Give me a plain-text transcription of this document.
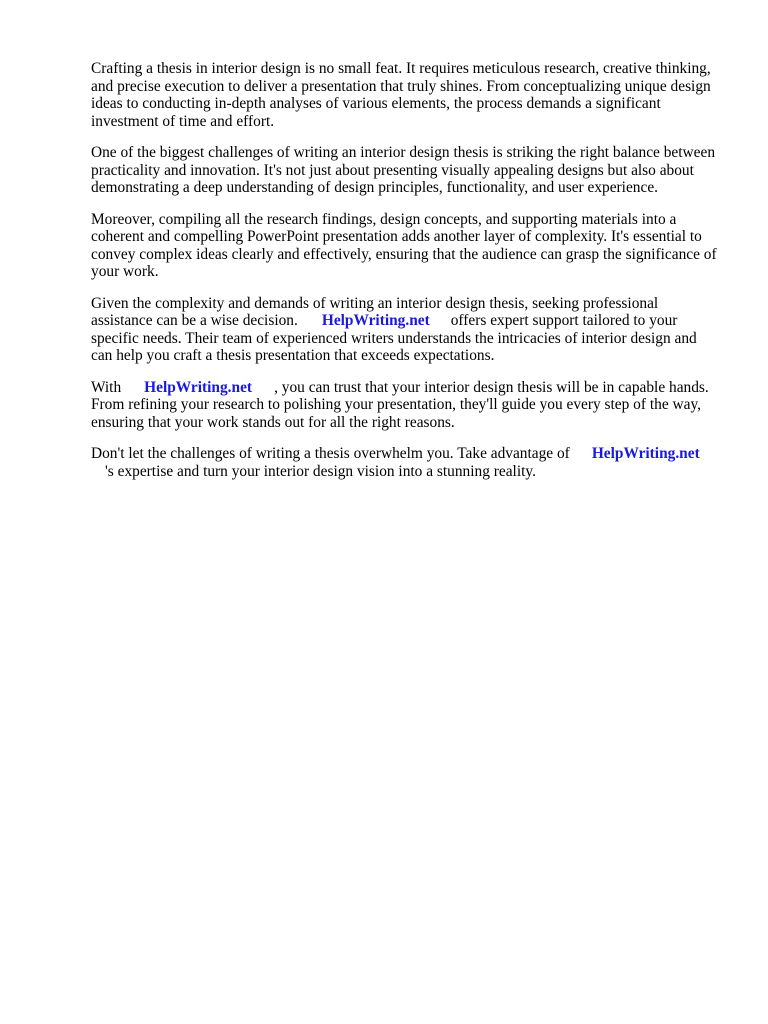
Crafting a thesis in interior design is no small feat. It requires meticulous research, creative thinking,
and precise execution to deliver a presentation that truly shines. From conceptualizing unique design
ideas to conducting in-depth analyses of various elements, the process demands a significant
investment of time and effort.

One of the biggest challenges of writing an interior design thesis is striking the right balance between
practicality and innovation. It's not just about presenting visually appealing designs but also about
demonstrating a deep understanding of design principles, functionality, and user experience.

Moreover, compiling all the research findings, design concepts, and supporting materials into a
coherent and compelling PowerPoint presentation adds another layer of complexity. It's essential to
convey complex ideas clearly and effectively, ensuring that the audience can grasp the significance of
your work.

Given the complexity and demands of writing an interior design thesis, seeking professional
assistance can be a wise decision. HelpWriting.net offers expert support tailored to your
specific needs. Their team of experienced writers understands the intricacies of interior design and
can help you craft a thesis presentation that exceeds expectations.

With HelpWriting.net , you can trust that your interior design thesis will be in capable hands.
From refining your research to polishing your presentation, they'll guide you every step of the way,
ensuring that your work stands out for all the right reasons.

Don't let the challenges of writing a thesis overwhelm you. Take advantage of HelpWriting.net
's expertise and turn your interior design vision into a stunning reality.
